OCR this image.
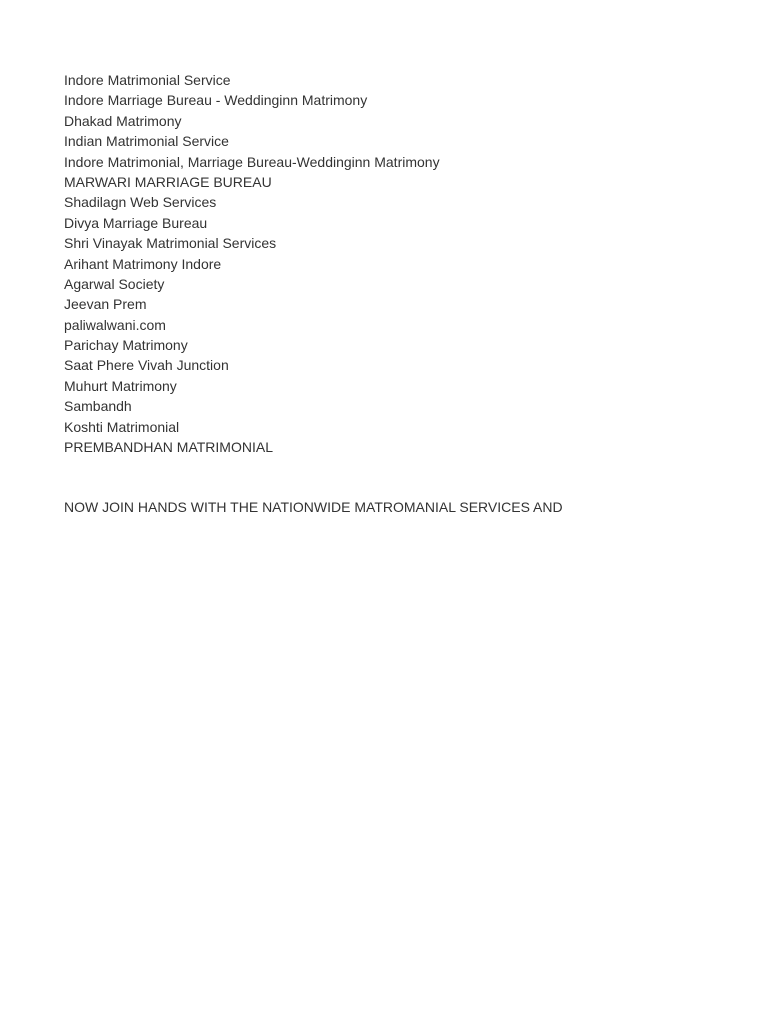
Indore Matrimonial Service
Indore Marriage Bureau - Weddinginn Matrimony
Dhakad Matrimony
Indian Matrimonial Service
Indore Matrimonial, Marriage Bureau-Weddinginn Matrimony
MARWARI MARRIAGE BUREAU
Shadilagn Web Services
Divya Marriage Bureau
Shri Vinayak Matrimonial Services
Arihant Matrimony Indore
Agarwal Society
Jeevan Prem
paliwalwani.com
Parichay Matrimony
Saat Phere Vivah Junction
Muhurt Matrimony
Sambandh
Koshti Matrimonial
PREMBANDHAN MATRIMONIAL

NOW JOIN HANDS WITH THE NATIONWIDE MATROMANIAL SERVICES AND
